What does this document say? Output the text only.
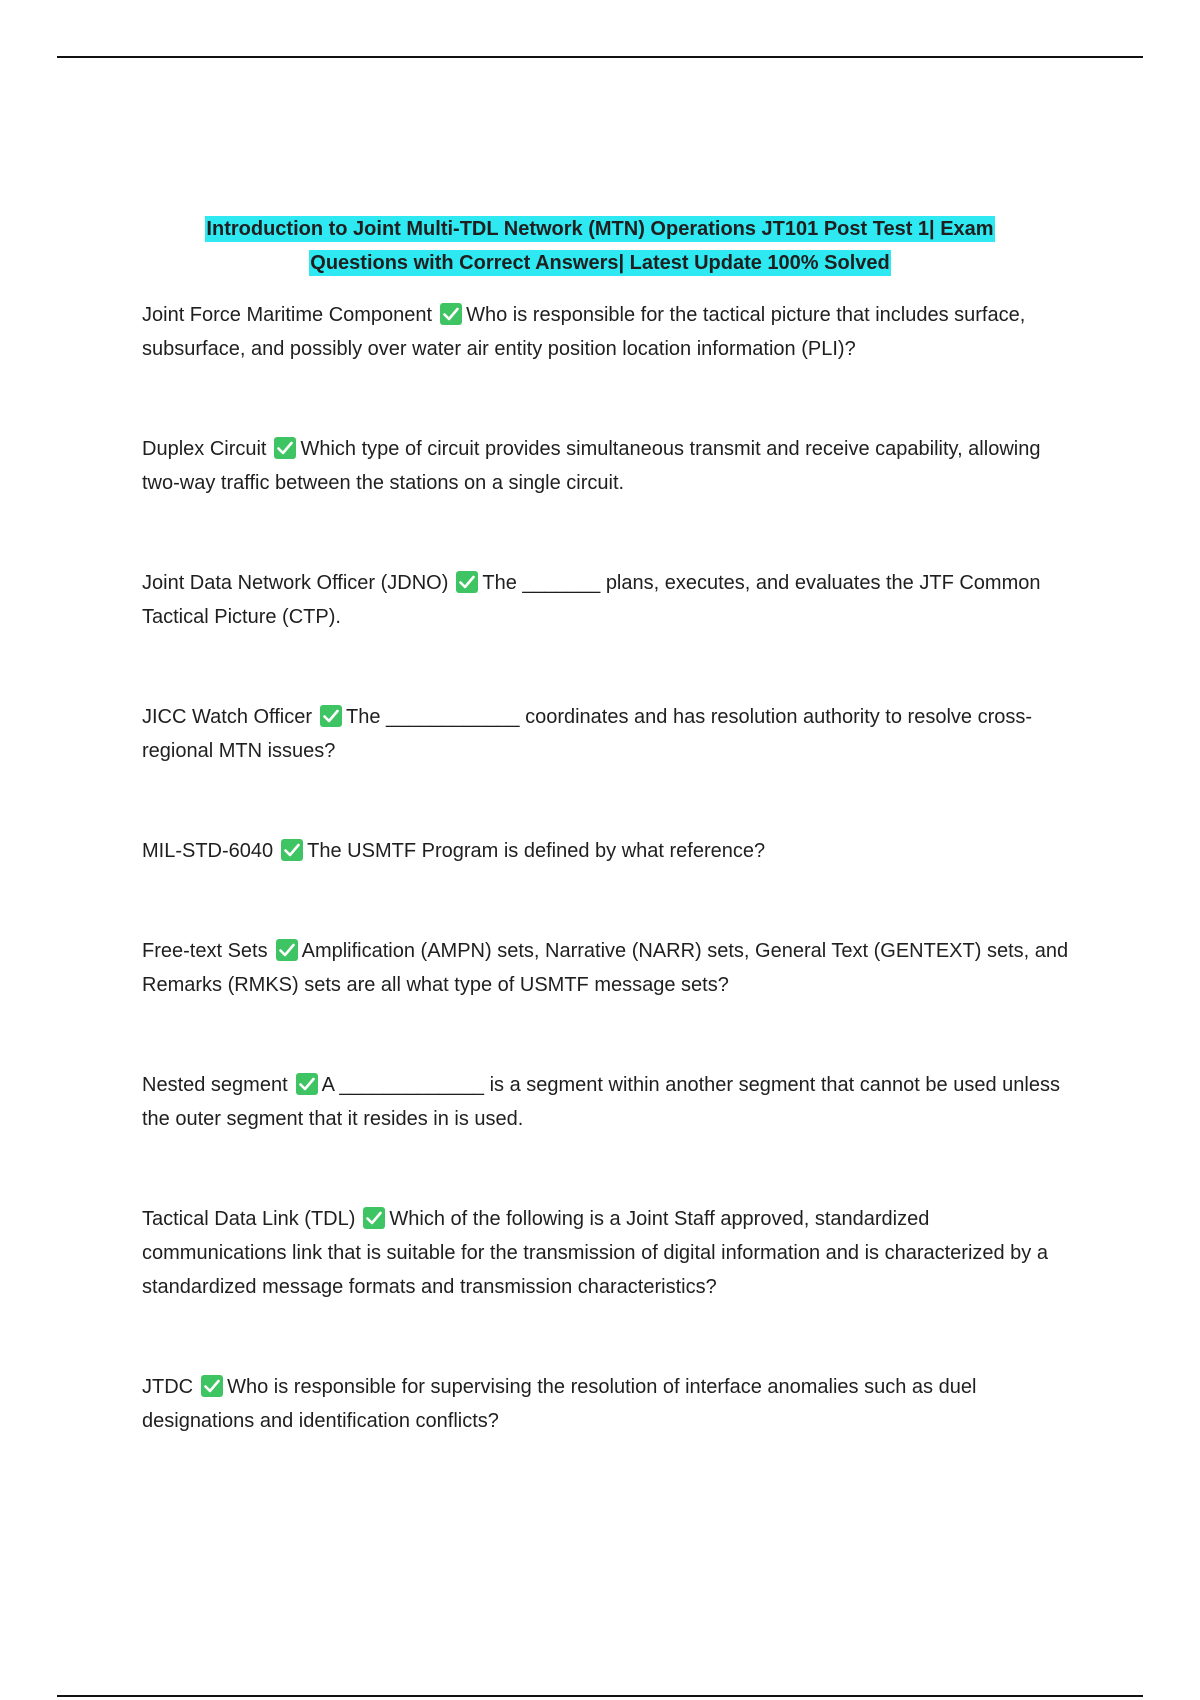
Introduction to Joint Multi-TDL Network (MTN) Operations JT101 Post Test 1| Exam
Questions with Correct Answers| Latest Update 100% Solved
Joint Force Maritime Component Who is responsible for the tactical picture that includes surface, subsurface, and possibly over water air entity position location information (PLI)?
Duplex Circuit Which type of circuit provides simultaneous transmit and receive capability, allowing two-way traffic between the stations on a single circuit.
Joint Data Network Officer (JDNO) The _______ plans, executes, and evaluates the JTF Common Tactical Picture (CTP).
JICC Watch Officer The ____________ coordinates and has resolution authority to resolve cross-regional MTN issues?
MIL-STD-6040 The USMTF Program is defined by what reference?
Free-text Sets Amplification (AMPN) sets, Narrative (NARR) sets, General Text (GENTEXT) sets, and Remarks (RMKS) sets are all what type of USMTF message sets?
Nested segment A _____________ is a segment within another segment that cannot be used unless the outer segment that it resides in is used.
Tactical Data Link (TDL) Which of the following is a Joint Staff approved, standardized communications link that is suitable for the transmission of digital information and is characterized by a standardized message formats and transmission characteristics?
JTDC Who is responsible for supervising the resolution of interface anomalies such as duel designations and identification conflicts?
